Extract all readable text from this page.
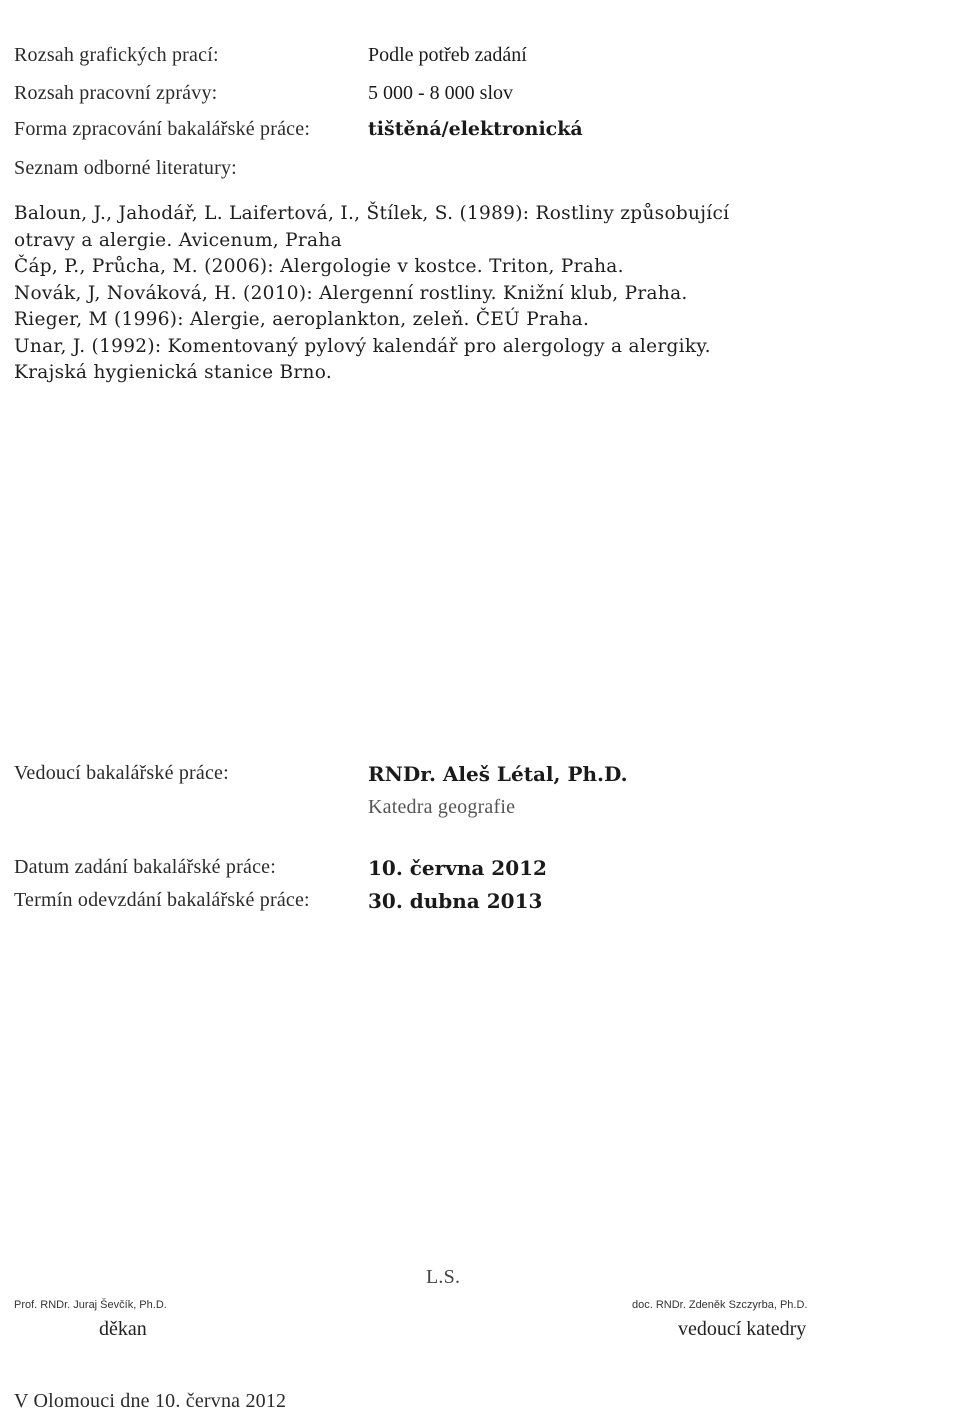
Rozsah grafických prací:	Podle potřeb zadání
Rozsah pracovní zprávy:	5 000 - 8 000 slov
Forma zpracování bakalářské práce:	tištěná/elektronická
Seznam odborné literatury:
Baloun, J., Jahodář, L. Laifertová, I., Štílek, S. (1989): Rostliny způsobující
otravy a alergie. Avicenum, Praha
Čáp, P., Průcha, M. (2006): Alergologie v kostce. Triton, Praha.
Novák, J, Nováková, H. (2010): Alergenní rostliny. Knižní klub, Praha.
Rieger, M (1996): Alergie, aeroplankton, zeleň. ČEÚ Praha.
Unar, J. (1992): Komentovaný pylový kalendář pro alergology a alergiky.
Krajská hygienická stanice Brno.
Vedoucí bakalářské práce:	RNDr. Aleš Létal, Ph.D.
Katedra geografie
Datum zadání bakalářské práce:	10. června 2012
Termín odevzdání bakalářské práce:	30. dubna 2013
L.S.
Prof. RNDr. Juraj Ševčík, Ph.D.
děkan
doc. RNDr. Zdeněk Szczyrba, Ph.D.
vedoucí katedry
V Olomouci dne 10. června 2012
